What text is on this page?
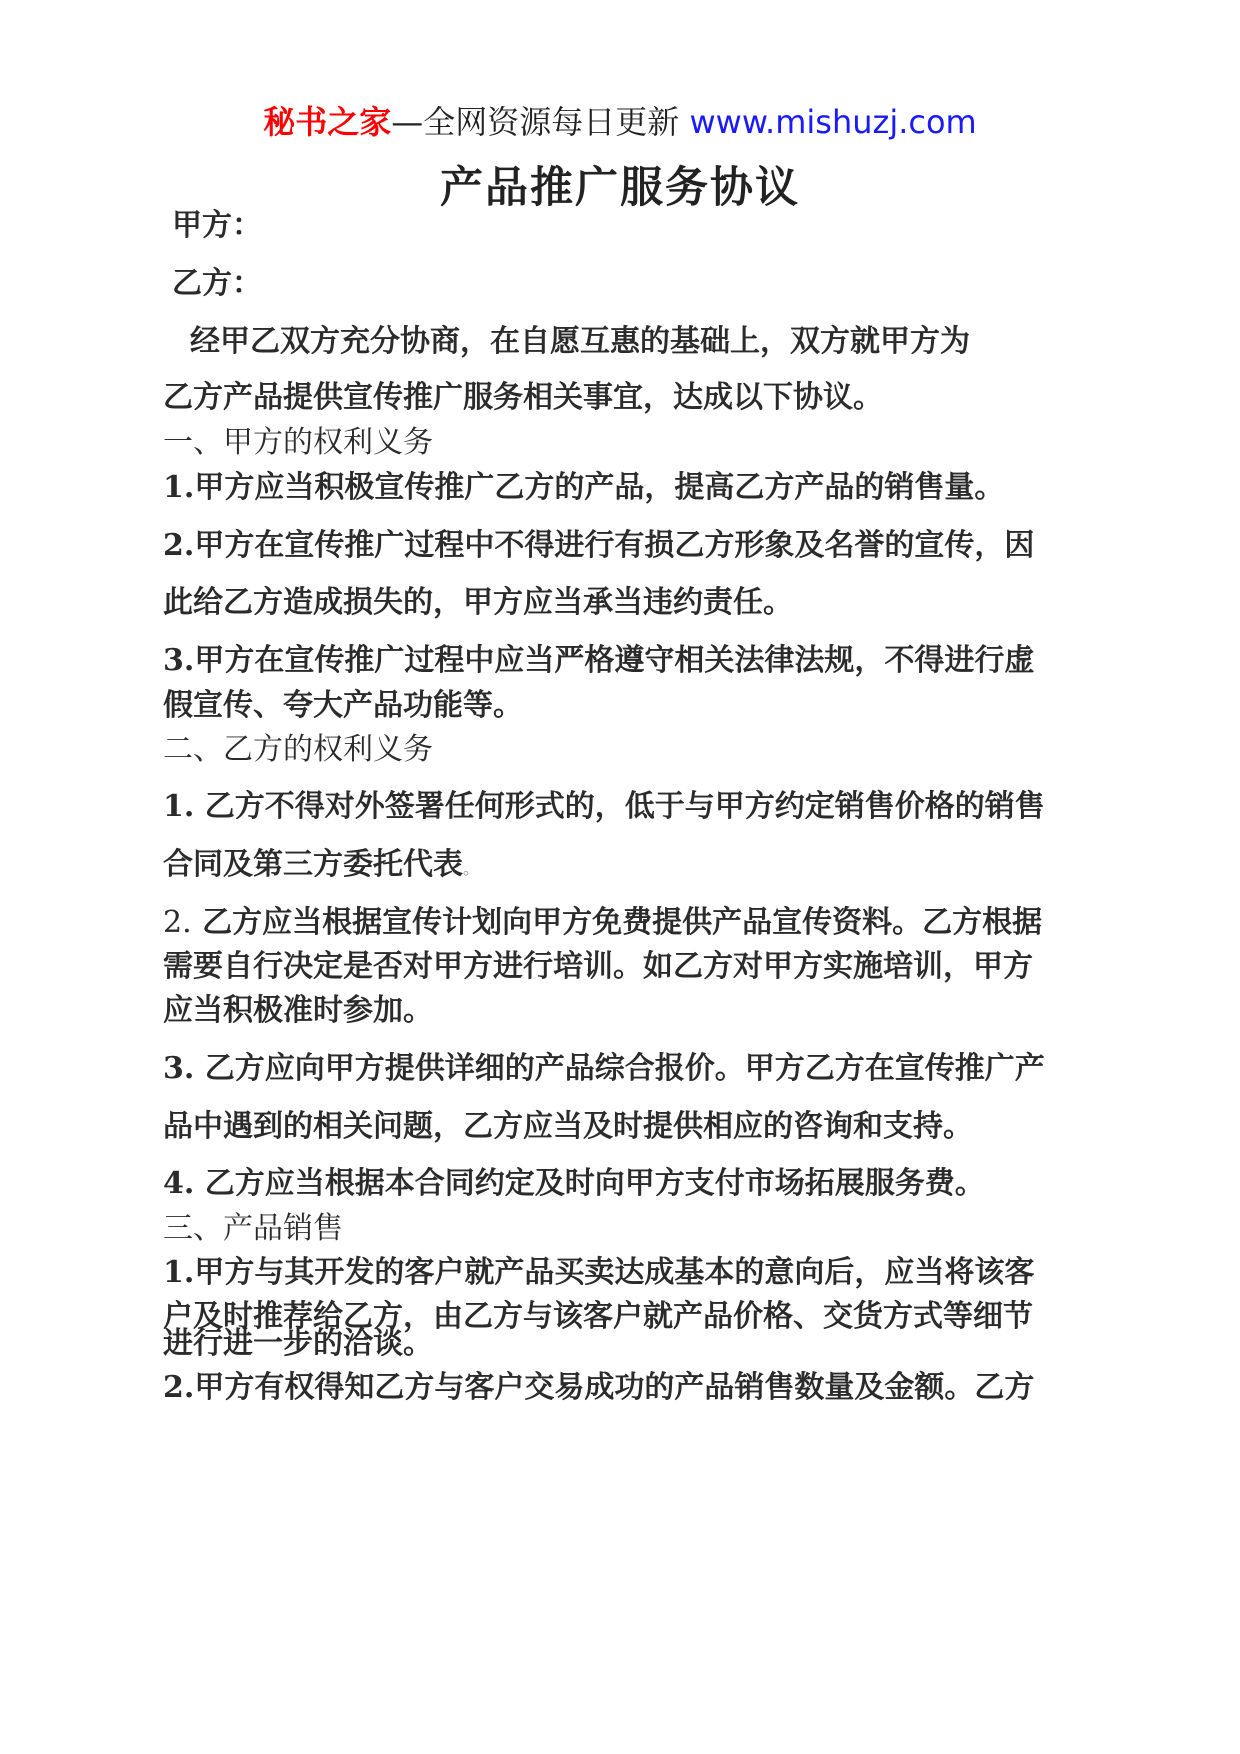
秘书之家—全网资源每日更新 www.mishuzj.com
产品推广服务协议
甲方：
乙方：
经甲乙双方充分协商，在自愿互惠的基础上，双方就甲方为
乙方产品提供宣传推广服务相关事宜，达成以下协议。
一、甲方的权利义务
1.甲方应当积极宣传推广乙方的产品，提高乙方产品的销售量。
2.甲方在宣传推广过程中不得进行有损乙方形象及名誉的宣传，因
此给乙方造成损失的，甲方应当承当违约责任。
3.甲方在宣传推广过程中应当严格遵守相关法律法规，不得进行虚
假宣传、夸大产品功能等。
二、乙方的权利义务
1. 乙方不得对外签署任何形式的，低于与甲方约定销售价格的销售
合同及第三方委托代表。
2. 乙方应当根据宣传计划向甲方免费提供产品宣传资料。乙方根据
需要自行决定是否对甲方进行培训。如乙方对甲方实施培训，甲方
应当积极准时参加。
3. 乙方应向甲方提供详细的产品综合报价。甲方乙方在宣传推广产
品中遇到的相关问题，乙方应当及时提供相应的咨询和支持。
4. 乙方应当根据本合同约定及时向甲方支付市场拓展服务费。
三、产品销售
1.甲方与其开发的客户就产品买卖达成基本的意向后，应当将该客
户及时推荐给乙方，由乙方与该客户就产品价格、交货方式等细节
进行进一步的洽谈。
2.甲方有权得知乙方与客户交易成功的产品销售数量及金额。乙方
